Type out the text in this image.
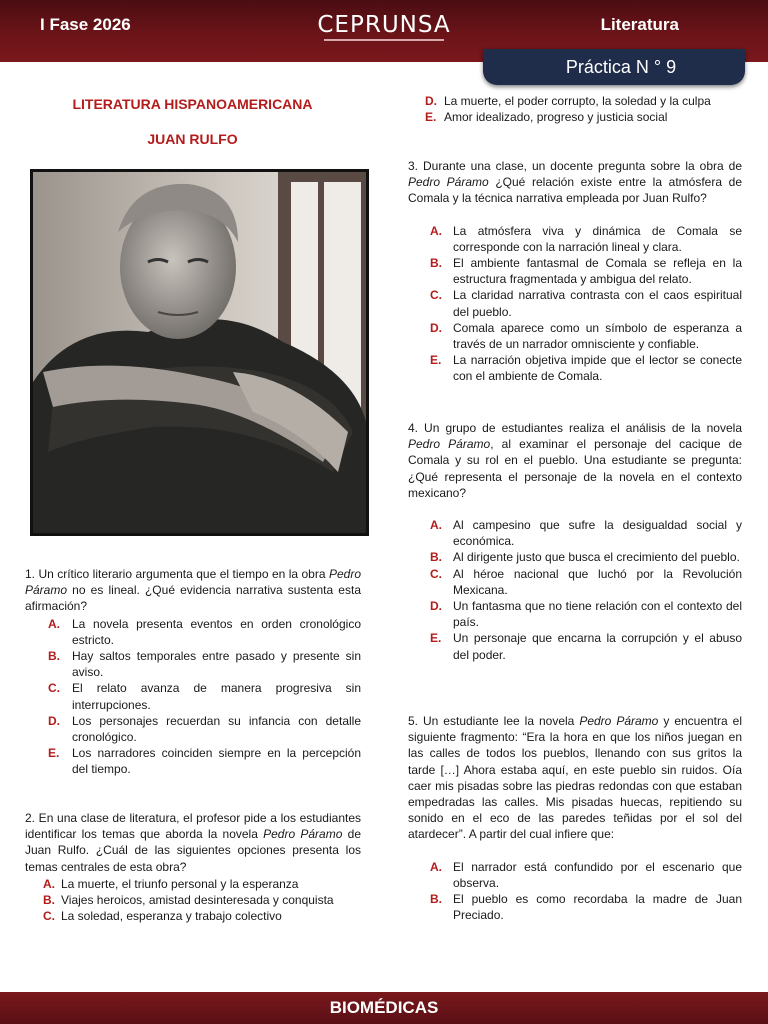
I Fase 2026	CEPRUNSA	Literatura
Práctica N ° 9
LITERATURA HISPANOAMERICANA
JUAN RULFO

1. Un crítico literario argumenta que el tiempo en la obra Pedro Páramo no es lineal. ¿Qué evidencia narrativa sustenta esta afirmación?

A.	La novela presenta eventos en orden cronológico estricto.
B.	Hay saltos temporales entre pasado y presente sin aviso.
C.	El relato avanza de manera progresiva sin interrupciones.
D.	Los personajes recuerdan su infancia con detalle cronológico.
E.	Los narradores coinciden siempre en la percepción del tiempo.

2. En una clase de literatura, el profesor pide a los estudiantes identificar los temas que aborda la novela Pedro Páramo de Juan Rulfo. ¿Cuál de las siguientes opciones presenta los temas centrales de esta obra?

A. La muerte, el triunfo personal y la esperanza
B. Viajes heroicos, amistad desinteresada y conquista
C. La soledad, esperanza y trabajo colectivo
D. La muerte, el poder corrupto, la soledad y la culpa
E. Amor idealizado, progreso y justicia social

3. Durante una clase, un docente pregunta sobre la obra de Pedro Páramo ¿Qué relación existe entre la atmósfera de Comala y la técnica narrativa empleada por Juan Rulfo?

A. La atmósfera viva y dinámica de Comala se corresponde con la narración lineal y clara.
B. El ambiente fantasmal de Comala se refleja en la estructura fragmentada y ambigua del relato.
C. La claridad narrativa contrasta con el caos espiritual del pueblo.
D. Comala aparece como un símbolo de esperanza a través de un narrador omnisciente y confiable.
E. La narración objetiva impide que el lector se conecte con el ambiente de Comala.

4. Un grupo de estudiantes realiza el análisis de la novela Pedro Páramo, al examinar el personaje del cacique de Comala y su rol en el pueblo. Una estudiante se pregunta: ¿Qué representa el personaje de la novela en el contexto mexicano?

A. Al campesino que sufre la desigualdad social y económica.
B. Al dirigente justo que busca el crecimiento del pueblo.
C. Al héroe nacional que luchó por la Revolución Mexicana.
D. Un fantasma que no tiene relación con el contexto del país.
E. Un personaje que encarna la corrupción y el abuso del poder.

5. Un estudiante lee la novela Pedro Páramo y encuentra el siguiente fragmento: “Era la hora en que los niños juegan en las calles de todos los pueblos, llenando con sus gritos la tarde […] Ahora estaba aquí, en este pueblo sin ruidos. Oía caer mis pisadas sobre las piedras redondas con que estaban empedradas las calles. Mis pisadas huecas, repitiendo su sonido en el eco de las paredes teñidas por el sol del atardecer”. A partir del cual infiere que:

A. El narrador está confundido por el escenario que observa.
B. El pueblo es como recordaba la madre de Juan Preciado.
BIOMÉDICAS
